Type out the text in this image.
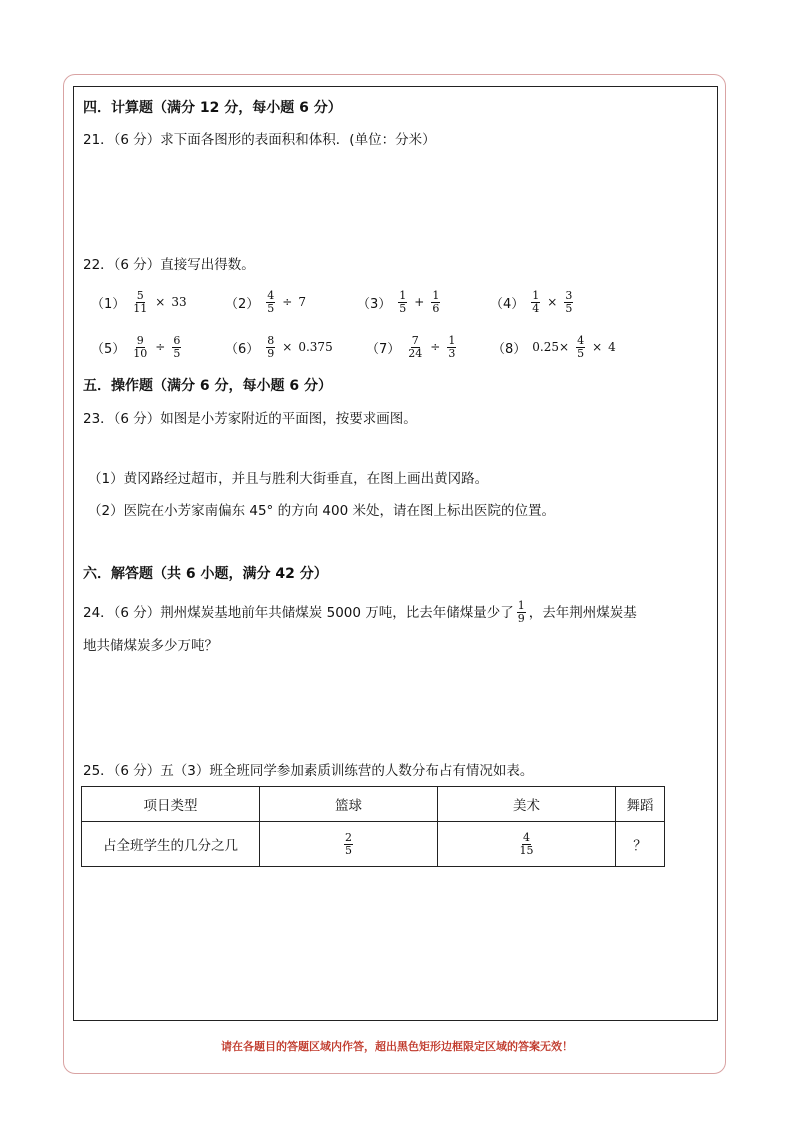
四．计算题（满分 12 分，每小题 6 分）
21．（6 分）求下面各图形的表面积和体积．(单位：分米）
22．（6 分）直接写出得数。
$(1) \frac{5}{11} \times 33$	$(2) \frac{4}{5} \div 7$	$(3) \frac{1}{5} + \frac{1}{6}$	$(4) \frac{1}{4} \times \frac{3}{5}$
$(5) \frac{9}{10} \div \frac{6}{5}$	$(6) \frac{8}{9} \times 0.375$	$(7) \frac{7}{24} \div \frac{1}{3}$	（8） $0.25\times \frac{4}{5} \times 4$
五．操作题（满分 6 分，每小题 6 分）
23．（6 分）如图是小芳家附近的平面图，按要求画图。
（1）黄冈路经过超市，并且与胜利大街垂直，在图上画出黄冈路。
（2）医院在小芳家南偏东 45° 的方向 400 米处，请在图上标出医院的位置。
六．解答题（共 6 小题，满分 42 分）
24．（6 分）荆州煤炭基地前年共储煤炭 5000 万吨，比去年储煤量少了 $\frac{1}{9}$ ，去年荆州煤炭基
地共储煤炭多少万吨？
25．（6 分）五（3）班全班同学参加素质训练营的人数分布占有情况如表。
项日类型	篮球	美术	舞蹈
占全班学生的几分之几	$\frac{2}{5}$	$\frac{4}{15}$	？
请在各题目的答题区域内作答，超出黑色矩形边框限定区域的答案无效！
